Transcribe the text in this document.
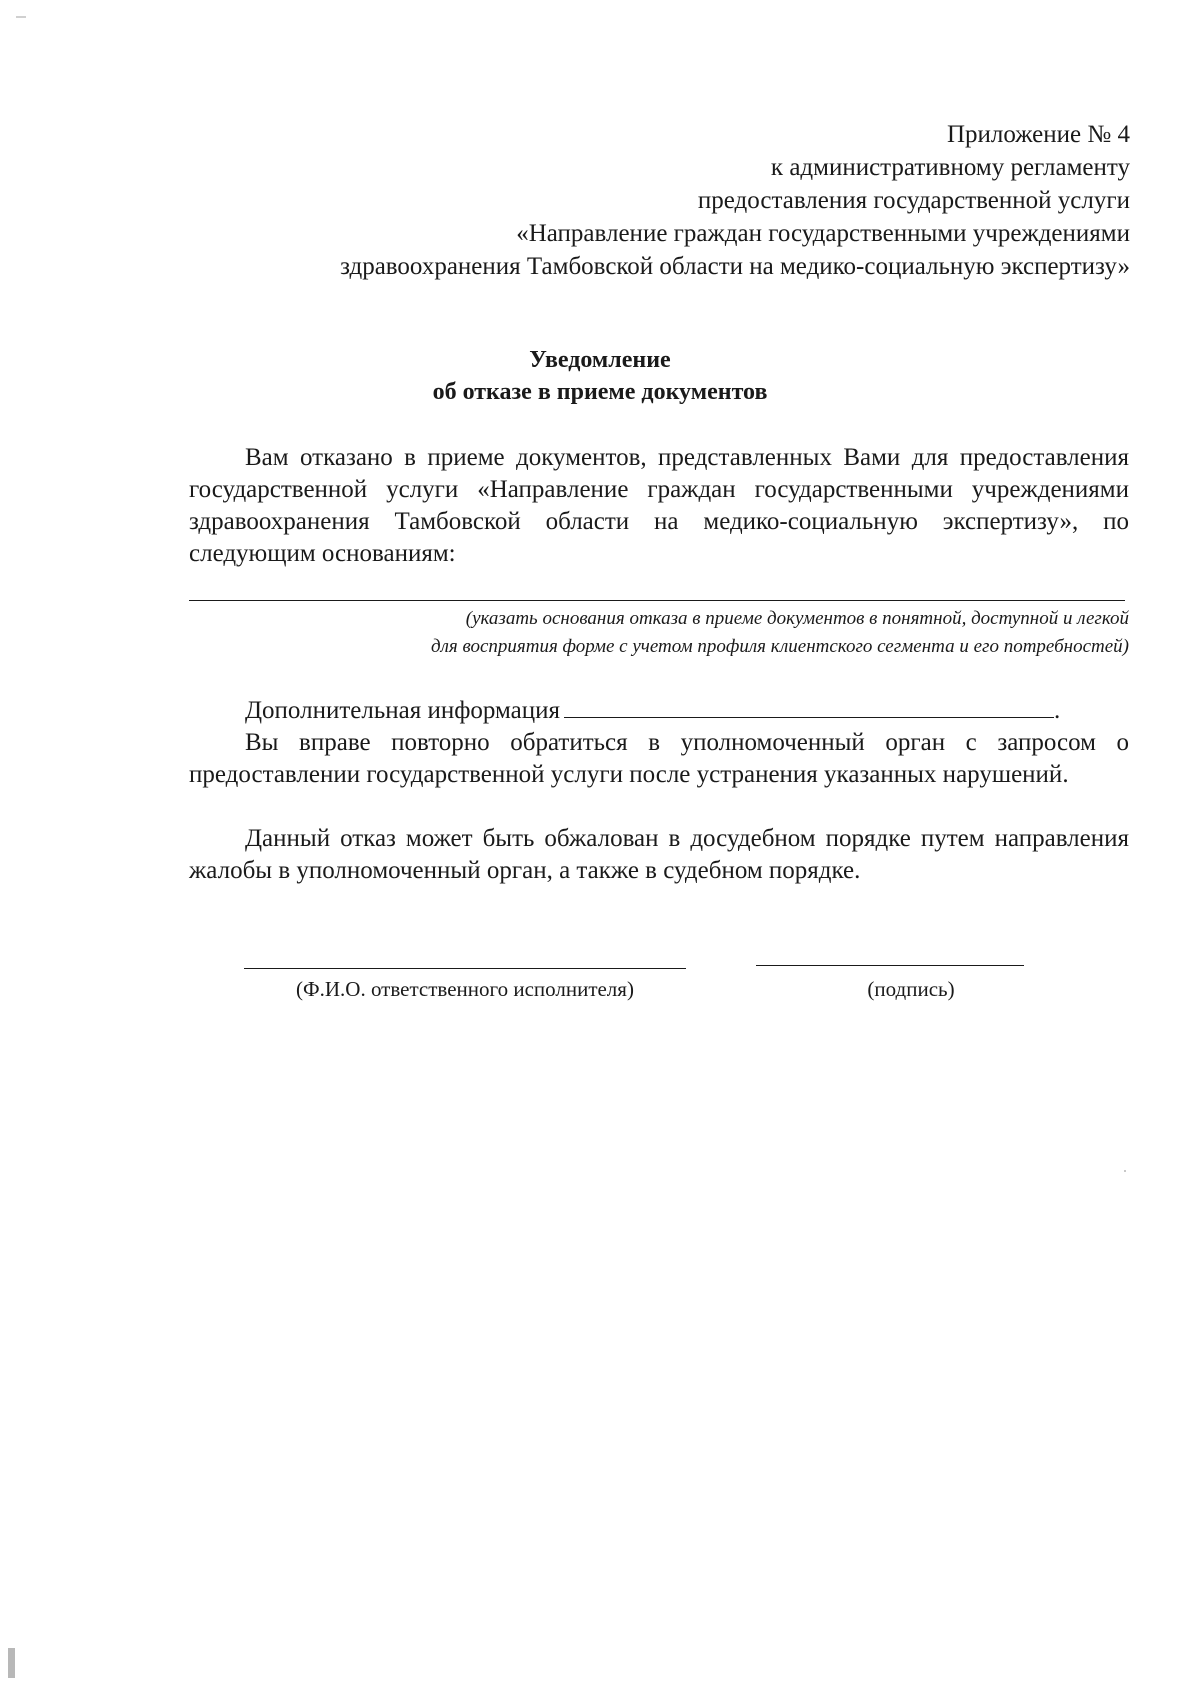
Приложение № 4
к административному регламенту
предоставления государственной услуги
«Направление граждан государственными учреждениями
здравоохранения Тамбовской области на медико-социальную экспертизу»
Уведомление
об отказе в приеме документов
Вам отказано в приеме документов, представленных Вами для предоставления государственной услуги «Направление граждан государственными учреждениями здравоохранения Тамбовской области на медико-социальную экспертизу», по следующим основаниям:
(указать основания отказа в приеме документов в понятной, доступной и легкой
для восприятия форме с учетом профиля клиентского сегмента и его потребностей)
Дополнительная информация	.
Вы вправе повторно обратиться в уполномоченный орган с запросом о предоставлении государственной услуги после устранения указанных нарушений.
Данный отказ может быть обжалован в досудебном порядке путем направления жалобы в уполномоченный орган, а также в судебном порядке.
(Ф.И.О. ответственного исполнителя)	(подпись)
